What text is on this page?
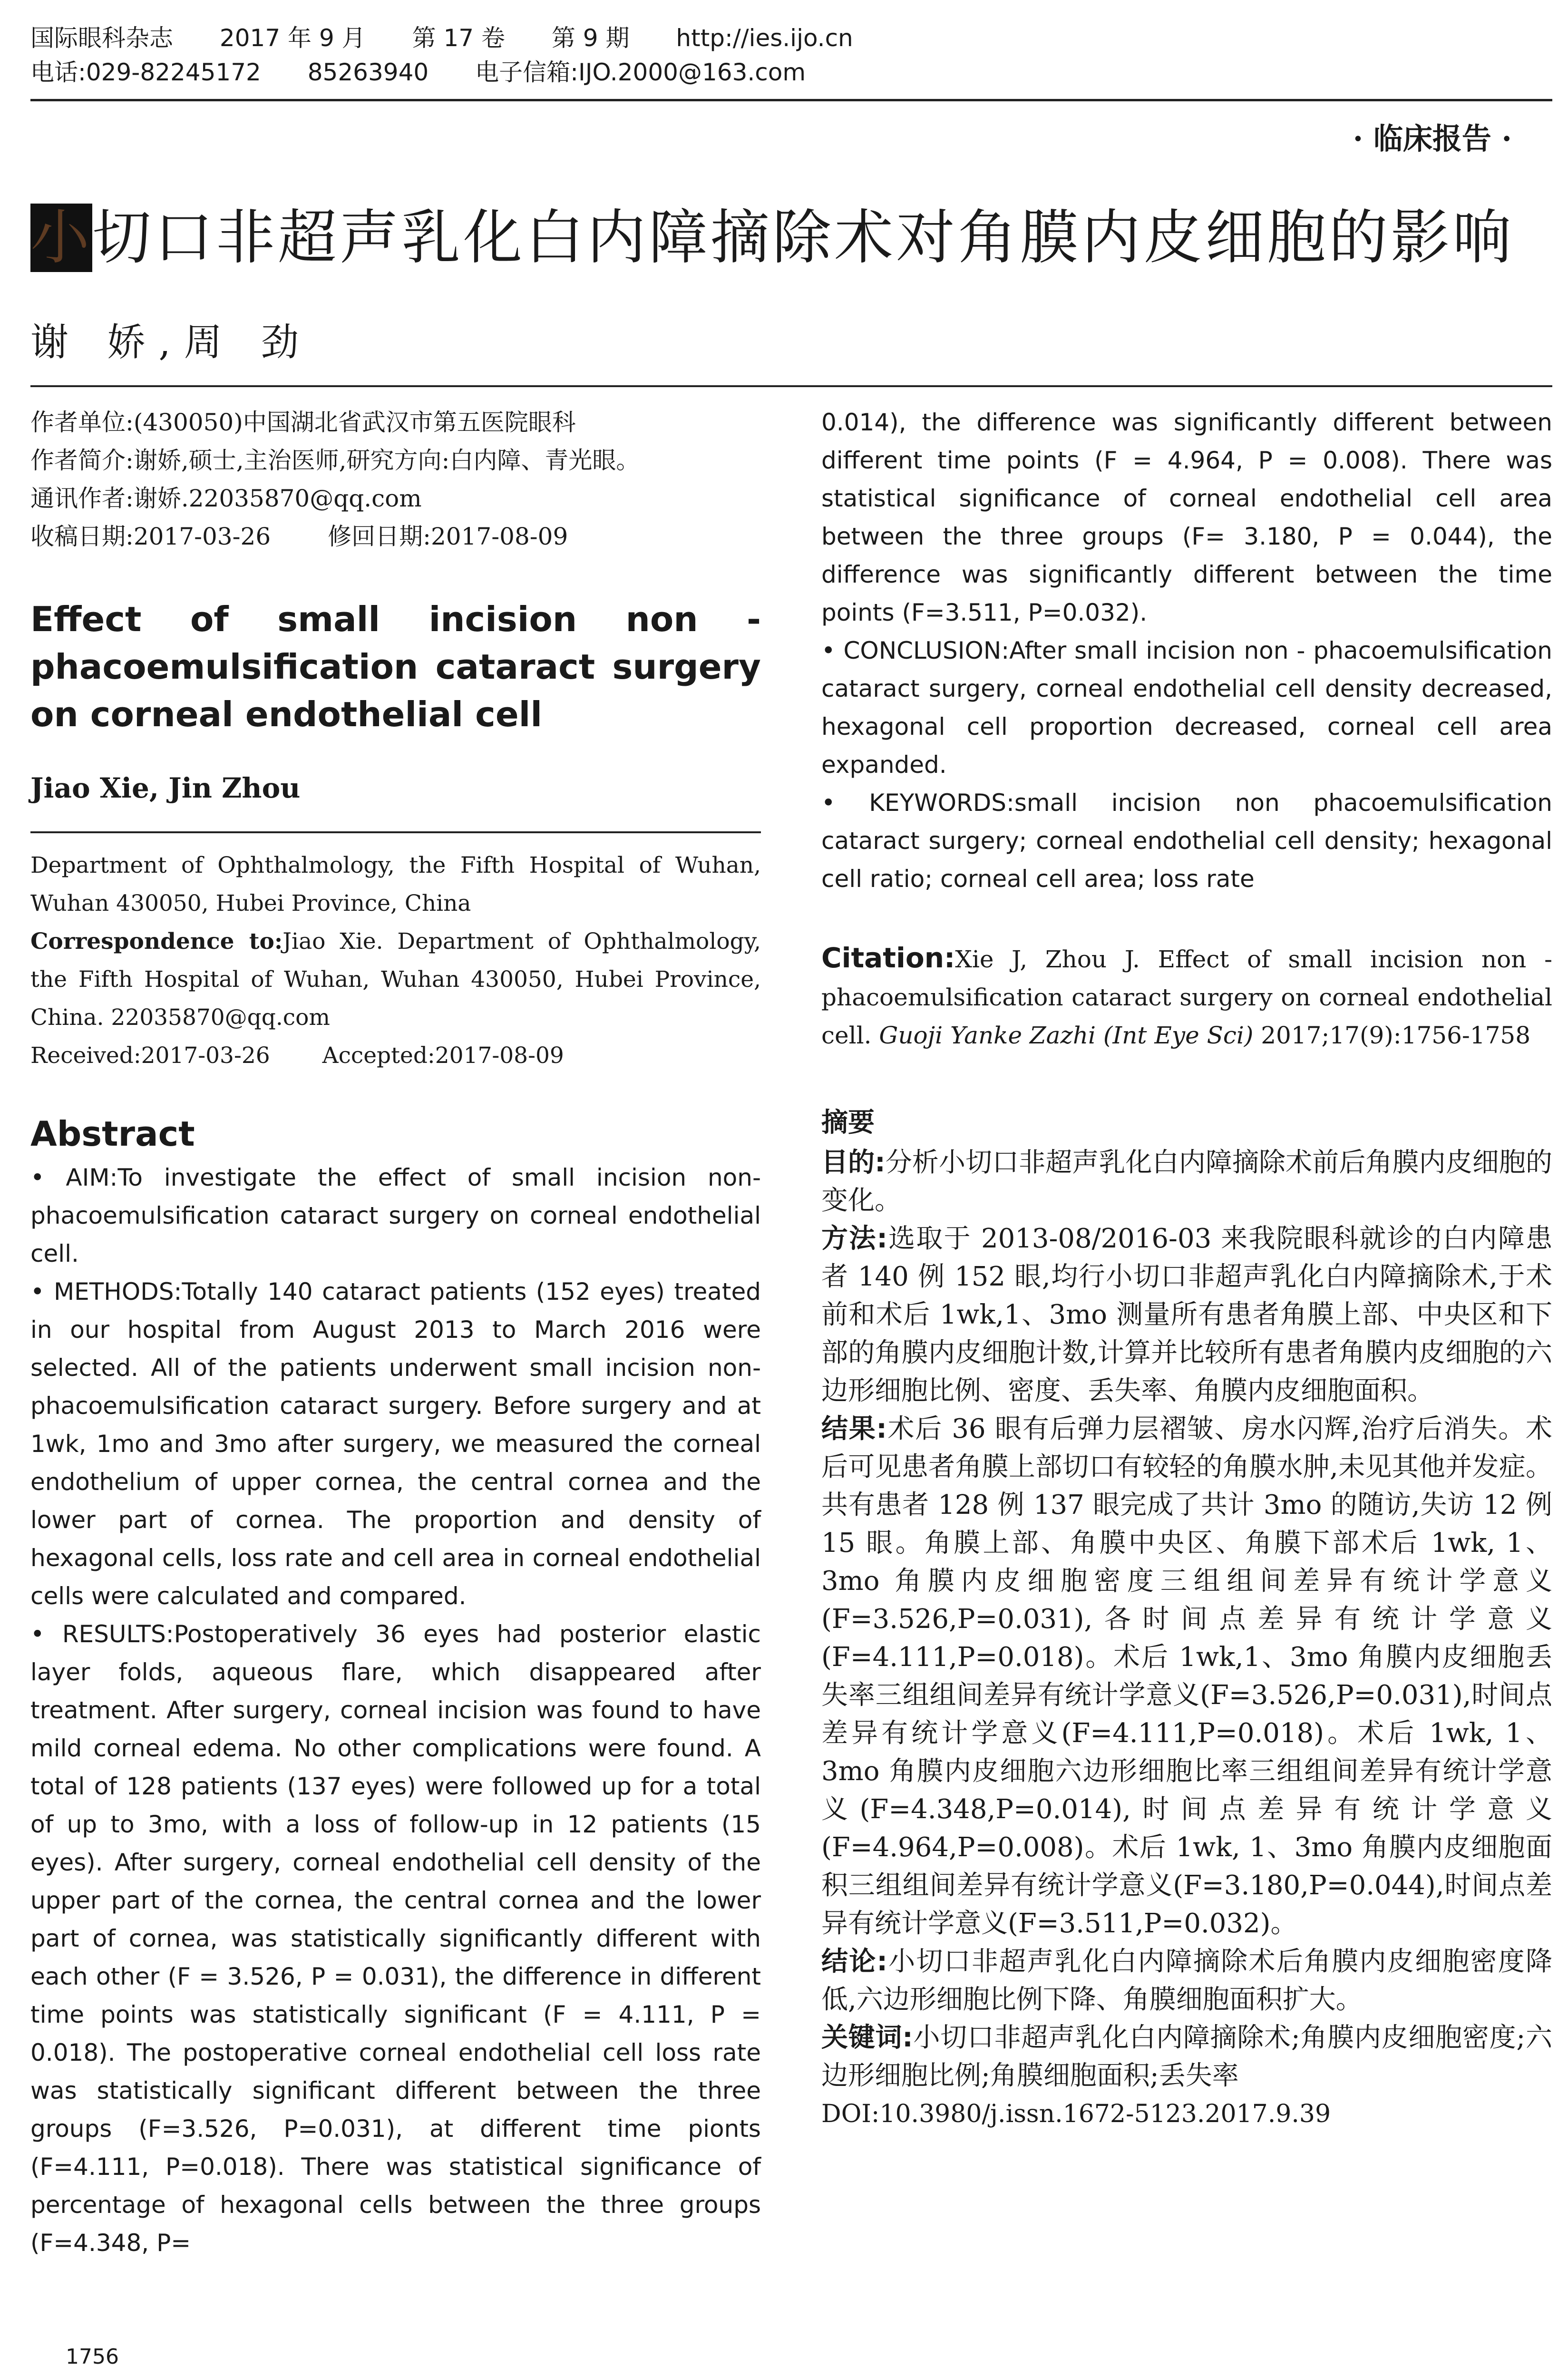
国际眼科杂志 2017 年 9 月 第 17 卷 第 9 期 http://ies.ijo.cn
电话:029-82245172 85263940 电子信箱:IJO.2000@163.com
· 临床报告 ·
小切口非超声乳化白内障摘除术对角膜内皮细胞的影响
谢 娇,周 劲
作者单位:(430050)中国湖北省武汉市第五医院眼科
作者简介:谢娇,硕士,主治医师,研究方向:白内障、青光眼。
通讯作者:谢娇.22035870@qq.com
收稿日期:2017-03-26 修回日期:2017-08-09
Effect of small incision non - phacoemulsification cataract surgery on corneal endothelial cell
Jiao Xie, Jin Zhou
Department of Ophthalmology, the Fifth Hospital of Wuhan, Wuhan 430050, Hubei Province, China
Correspondence to:Jiao Xie. Department of Ophthalmology, the Fifth Hospital of Wuhan, Wuhan 430050, Hubei Province, China. 22035870@qq.com
Received:2017-03-26 Accepted:2017-08-09
Abstract
• AIM:To investigate the effect of small incision non-phacoemulsification cataract surgery on corneal endothelial cell.
• METHODS:Totally 140 cataract patients (152 eyes) treated in our hospital from August 2013 to March 2016 were selected. All of the patients underwent small incision non-phacoemulsification cataract surgery. Before surgery and at 1wk, 1mo and 3mo after surgery, we measured the corneal endothelium of upper cornea, the central cornea and the lower part of cornea. The proportion and density of hexagonal cells, loss rate and cell area in corneal endothelial cells were calculated and compared.
• RESULTS:Postoperatively 36 eyes had posterior elastic layer folds, aqueous flare, which disappeared after treatment. After surgery, corneal incision was found to have mild corneal edema. No other complications were found. A total of 128 patients (137 eyes) were followed up for a total of up to 3mo, with a loss of follow-up in 12 patients (15 eyes). After surgery, corneal endothelial cell density of the upper part of the cornea, the central cornea and the lower part of cornea, was statistically significantly different with each other (F = 3.526, P = 0.031), the difference in different time points was statistically significant (F = 4.111, P = 0.018). The postoperative corneal endothelial cell loss rate was statistically significant different between the three groups (F=3.526, P=0.031), at different time pionts (F=4.111, P=0.018). There was statistical significance of percentage of hexagonal cells between the three groups (F=4.348, P=
0.014), the difference was significantly different between different time points (F = 4.964, P = 0.008). There was statistical significance of corneal endothelial cell area between the three groups (F= 3.180, P = 0.044), the difference was significantly different between the time points (F=3.511, P=0.032).
• CONCLUSION:After small incision non - phacoemulsification cataract surgery, corneal endothelial cell density decreased, hexagonal cell proportion decreased, corneal cell area expanded.
• KEYWORDS:small incision non phacoemulsification cataract surgery; corneal endothelial cell density; hexagonal cell ratio; corneal cell area; loss rate
Citation:Xie J, Zhou J. Effect of small incision non - phacoemulsification cataract surgery on corneal endothelial cell. Guoji Yanke Zazhi (Int Eye Sci) 2017;17(9):1756-1758
摘要
目的:分析小切口非超声乳化白内障摘除术前后角膜内皮细胞的变化。
方法:选取于 2013-08/2016-03 来我院眼科就诊的白内障患者 140 例 152 眼,均行小切口非超声乳化白内障摘除术,于术前和术后 1wk,1、3mo 测量所有患者角膜上部、中央区和下部的角膜内皮细胞计数,计算并比较所有患者角膜内皮细胞的六边形细胞比例、密度、丢失率、角膜内皮细胞面积。
结果:术后 36 眼有后弹力层褶皱、房水闪辉,治疗后消失。术后可见患者角膜上部切口有较轻的角膜水肿,未见其他并发症。共有患者 128 例 137 眼完成了共计 3mo 的随访,失访 12 例 15 眼。角膜上部、角膜中央区、角膜下部术后 1wk, 1、3mo 角膜内皮细胞密度三组组间差异有统计学意义(F=3.526,P=0.031),各时间点差异有统计学意义(F=4.111,P=0.018)。术后 1wk,1、3mo 角膜内皮细胞丢失率三组组间差异有统计学意义(F=3.526,P=0.031),时间点差异有统计学意义(F=4.111,P=0.018)。术后 1wk, 1、3mo 角膜内皮细胞六边形细胞比率三组组间差异有统计学意义(F=4.348,P=0.014),时间点差异有统计学意义(F=4.964,P=0.008)。术后 1wk, 1、3mo 角膜内皮细胞面积三组组间差异有统计学意义(F=3.180,P=0.044),时间点差异有统计学意义(F=3.511,P=0.032)。
结论:小切口非超声乳化白内障摘除术后角膜内皮细胞密度降低,六边形细胞比例下降、角膜细胞面积扩大。
关键词:小切口非超声乳化白内障摘除术;角膜内皮细胞密度;六边形细胞比例;角膜细胞面积;丢失率
DOI:10.3980/j.issn.1672-5123.2017.9.39
1756
